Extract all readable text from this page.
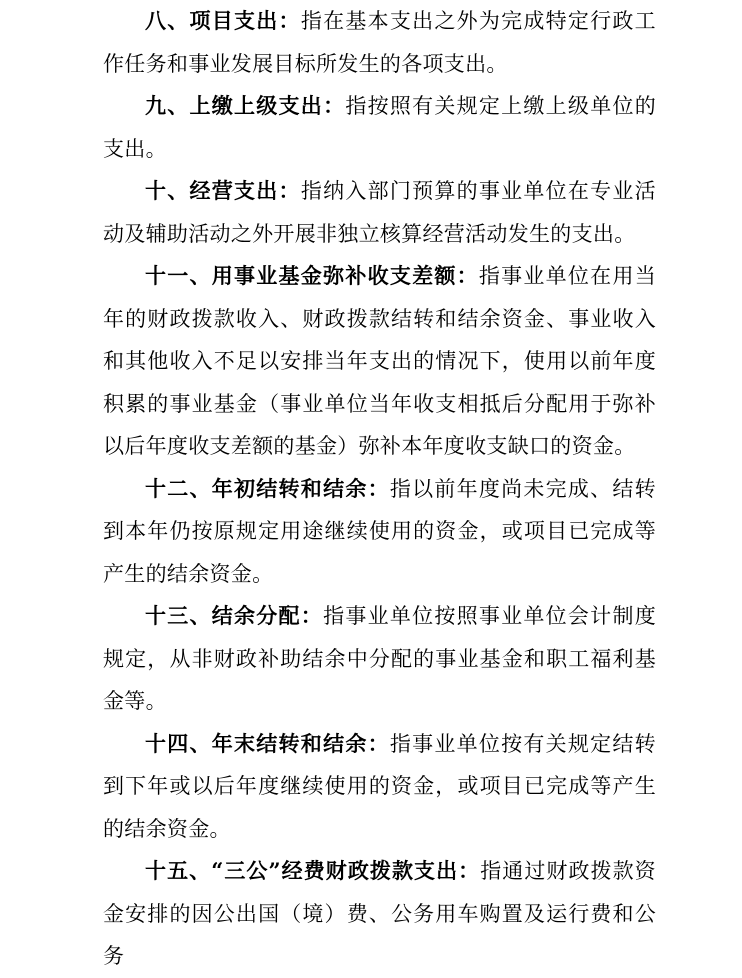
八、项目支出：指在基本支出之外为完成特定行政工作任务和事业发展目标所发生的各项支出。

九、上缴上级支出：指按照有关规定上缴上级单位的支出。

十、经营支出：指纳入部门预算的事业单位在专业活动及辅助活动之外开展非独立核算经营活动发生的支出。

十一、用事业基金弥补收支差额：指事业单位在用当年的财政拨款收入、财政拨款结转和结余资金、事业收入和其他收入不足以安排当年支出的情况下，使用以前年度积累的事业基金（事业单位当年收支相抵后分配用于弥补以后年度收支差额的基金）弥补本年度收支缺口的资金。

十二、年初结转和结余：指以前年度尚未完成、结转到本年仍按原规定用途继续使用的资金，或项目已完成等产生的结余资金。

十三、结余分配：指事业单位按照事业单位会计制度规定，从非财政补助结余中分配的事业基金和职工福利基金等。

十四、年末结转和结余：指事业单位按有关规定结转到下年或以后年度继续使用的资金，或项目已完成等产生的结余资金。

十五、“三公”经费财政拨款支出：指通过财政拨款资金安排的因公出国（境）费、公务用车购置及运行费和公务
